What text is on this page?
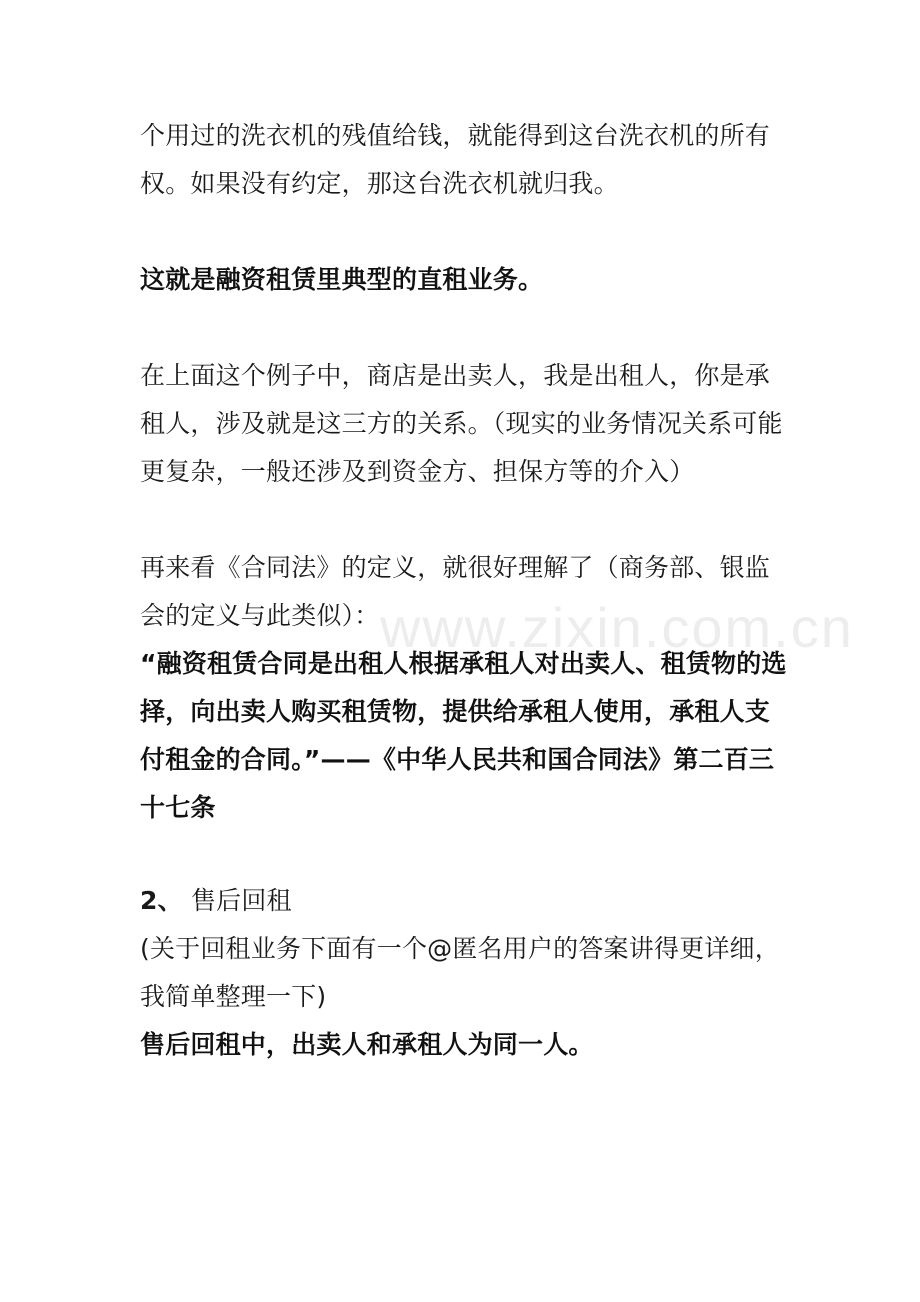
www.zixin.com.cn

个用过的洗衣机的残值给钱，就能得到这台洗衣机的所有权。如果没有约定，那这台洗衣机就归我。

这就是融资租赁里典型的直租业务。

在上面这个例子中，商店是出卖人，我是出租人，你是承租人，涉及就是这三方的关系。（现实的业务情况关系可能更复杂，一般还涉及到资金方、担保方等的介入）

再来看《合同法》的定义，就很好理解了（商务部、银监会的定义与此类似）：

“融资租赁合同是出租人根据承租人对出卖人、租赁物的选择，向出卖人购买租赁物，提供给承租人使用，承租人支付租金的合同。”——《中华人民共和国合同法》第二百三十七条

2、 售后回租

(关于回租业务下面有一个@匿名用户的答案讲得更详细，我简单整理一下)

售后回租中，出卖人和承租人为同一人。
